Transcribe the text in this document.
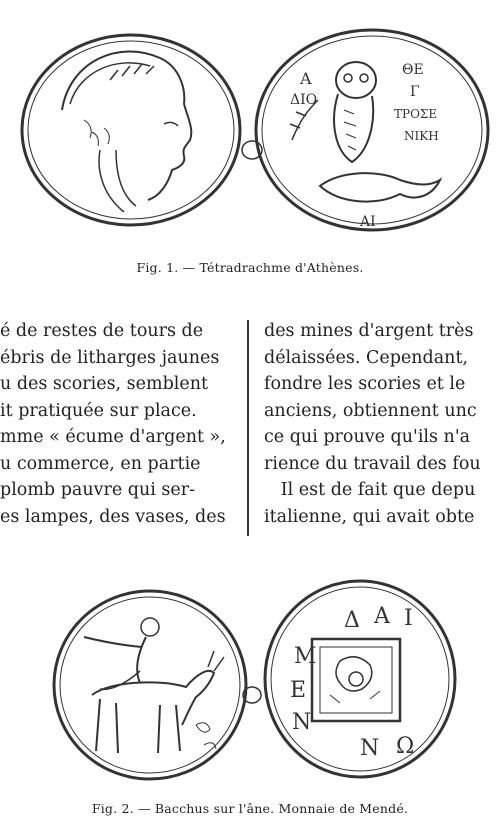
Α	ΘΕ
Γ
ΤΡΟΣΕ
ΝΙΚΗ
ΔΙΟ
ΑΙ
Fig. 1. — Tétradrachme d'Athènes.
é de restes de tours de
ébris de litharges jaunes
u des scories, semblent
it pratiquée sur place.
mme « écume d'argent »,
u commerce, en partie
plomb pauvre qui ser-
es lampes, des vases, des
des mines d'argent très
délaissées. Cependant,
fondre les scories et le
anciens, obtiennent unc
ce qui prouve qu'ils n'a
rience du travail des fou
Il est de fait que depu
italienne, qui avait obte
Μ
Ε
Ν
Δ Α Ι
Ω
Ν
Fig. 2. — Bacchus sur l'âne. Monnaie de Mendé.
